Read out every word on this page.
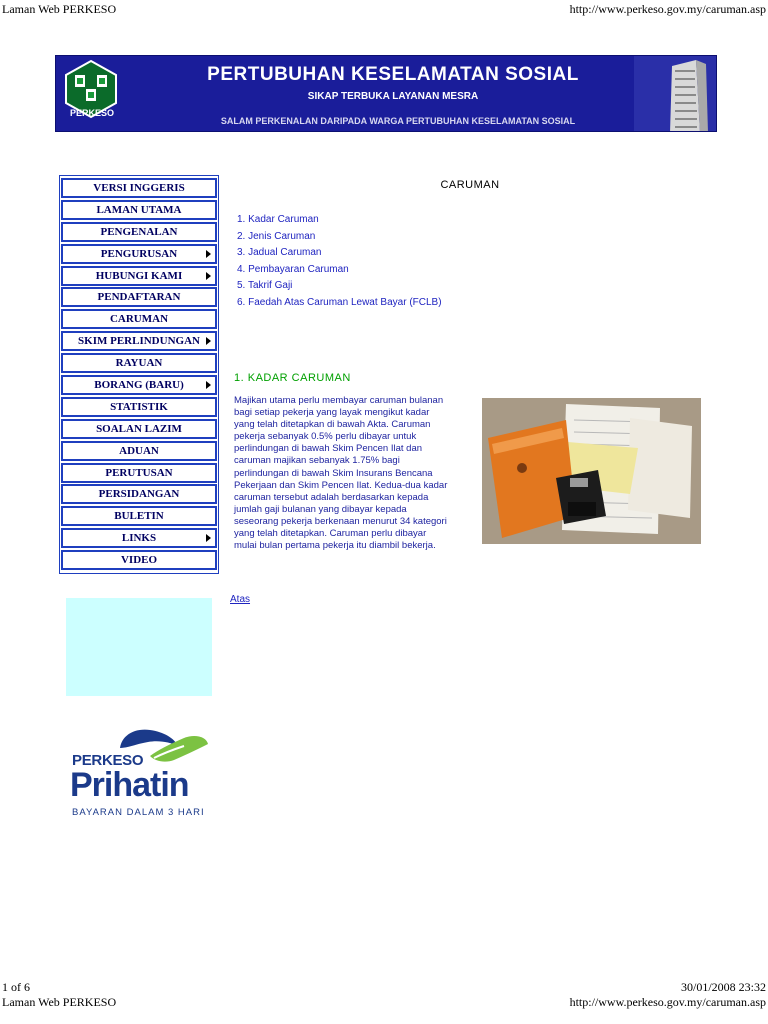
Laman Web PERKESO	http://www.perkeso.gov.my/caruman.asp
PERKESO
PERTUBUHAN KESELAMATAN SOSIAL
SIKAP TERBUKA LAYANAN MESRA
SALAM PERKENALAN DARIPADA WARGA PERTUBUHAN KESELAMATAN SOSIAL
VERSI INGGERIS
LAMAN UTAMA
PENGENALAN
PENGURUSAN
HUBUNGI KAMI
PENDAFTARAN
CARUMAN
SKIM PERLINDUNGAN
RAYUAN
BORANG (BARU)
STATISTIK
SOALAN LAZIM
ADUAN
PERUTUSAN
PERSIDANGAN
BULETIN
LINKS
VIDEO
PERKESO
Prihatin
BAYARAN DALAM 3 HARI
CARUMAN
1. Kadar Caruman
2. Jenis Caruman
3. Jadual Caruman
4. Pembayaran Caruman
5. Takrif Gaji
6. Faedah Atas Caruman Lewat Bayar (FCLB)
1. KADAR CARUMAN
Majikan utama perlu membayar caruman bulanan
bagi setiap pekerja yang layak mengikut kadar
yang telah ditetapkan di bawah Akta. Caruman
pekerja sebanyak 0.5% perlu dibayar untuk
perlindungan di bawah Skim Pencen Ilat dan
caruman majikan sebanyak 1.75% bagi
perlindungan di bawah Skim Insurans Bencana
Pekerjaan dan Skim Pencen Ilat. Kedua-dua kadar
caruman tersebut adalah berdasarkan kepada
jumlah gaji bulanan yang dibayar kepada
seseorang pekerja berkenaan menurut 34 kategori
yang telah ditetapkan. Caruman perlu dibayar
mulai bulan pertama pekerja itu diambil bekerja.
Atas
1 of 6	30/01/2008 23:32
Laman Web PERKESO	http://www.perkeso.gov.my/caruman.asp
